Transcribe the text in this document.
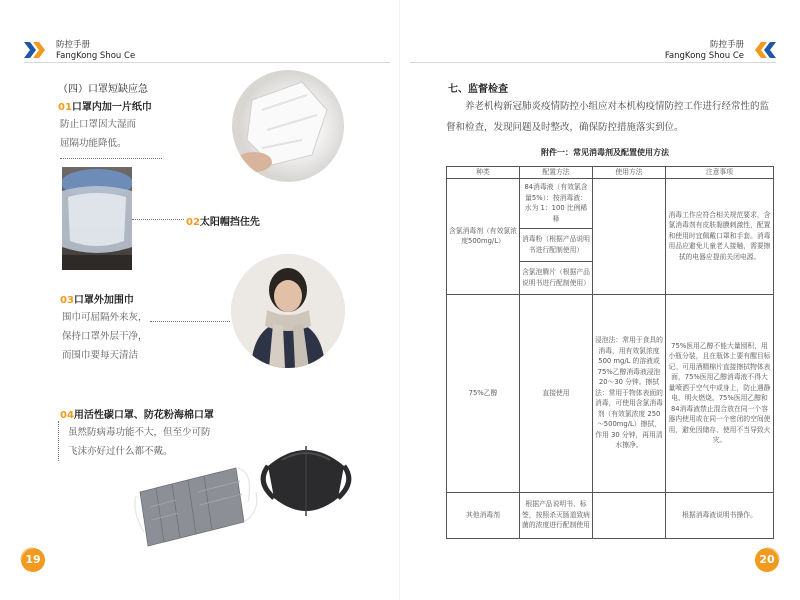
防控手册
FangKong Shou Ce
（四）口罩短缺应急
01口罩内加一片纸巾
防止口罩因大湿而
屈隔功能降低。
02太阳帽挡住先
03口罩外加围巾
围巾可屈隔外来灰，
保持口罩外层干净，
而围巾要每天清洁
04用活性碳口罩、防花粉海棉口罩
虽然防病毒功能不大，但至少可防
飞沫亦好过什么都不戴。
19
防控手册
FangKong Shou Ce
七、监督检查
养老机构新冠肺炎疫情防控小组应对本机构疫情防控工作进行经常性的监督和检查，发现问题及时整改，确保防控措施落实到位。
附件一：常见消毒剂及配置使用方法
种类	配置方法	使用方法	注意事项
含氯消毒剂（有效氯浓度500mg/L）	84消毒液（有效氯含量5%）：按消毒液：水为 1：100 比例稀释		消毒工作应符合相关规范要求，含氯消毒剂有皮肤黏膜刺激性，配置和使用时宜佩戴口罩和手套。消毒用品应避免儿童老人接触，需要擦拭的电器应提前关闭电源。
	消毒粉（根据产品说明书进行配制使用）		
	含氯泡腾片（根据产品说明书进行配制使用）		
75%乙醇	直接使用	浸泡法：常用于食具的消毒，用有效氯浓度 500 mg/L 的溶液或 75%乙醇消毒液浸泡 20～30 分钟。擦拭法：常用于物体表面的消毒，可使用含氯消毒剂（有效氯浓度 250～500mg/L）擦拭，作用 30 分钟，再用清水擦净。	75%医用乙醇不能大量囤积，用小瓶分装，且在瓶体上要有醒目标记。可用酒精棉片直接擦拭物体表面，75%医用乙醇消毒液不得大量喷洒于空气中或身上，防止遇静电、明火燃烧。75%医用乙醇和84消毒液禁止混合放在同一个容器内使用或在同一个密闭的空间使用，避免因储存、使用不当导致火灾。
其他消毒剂	根据产品说明书、标签，按照杀灭肠道致病菌的浓度进行配制使用		根据消毒液说明书操作。
20
